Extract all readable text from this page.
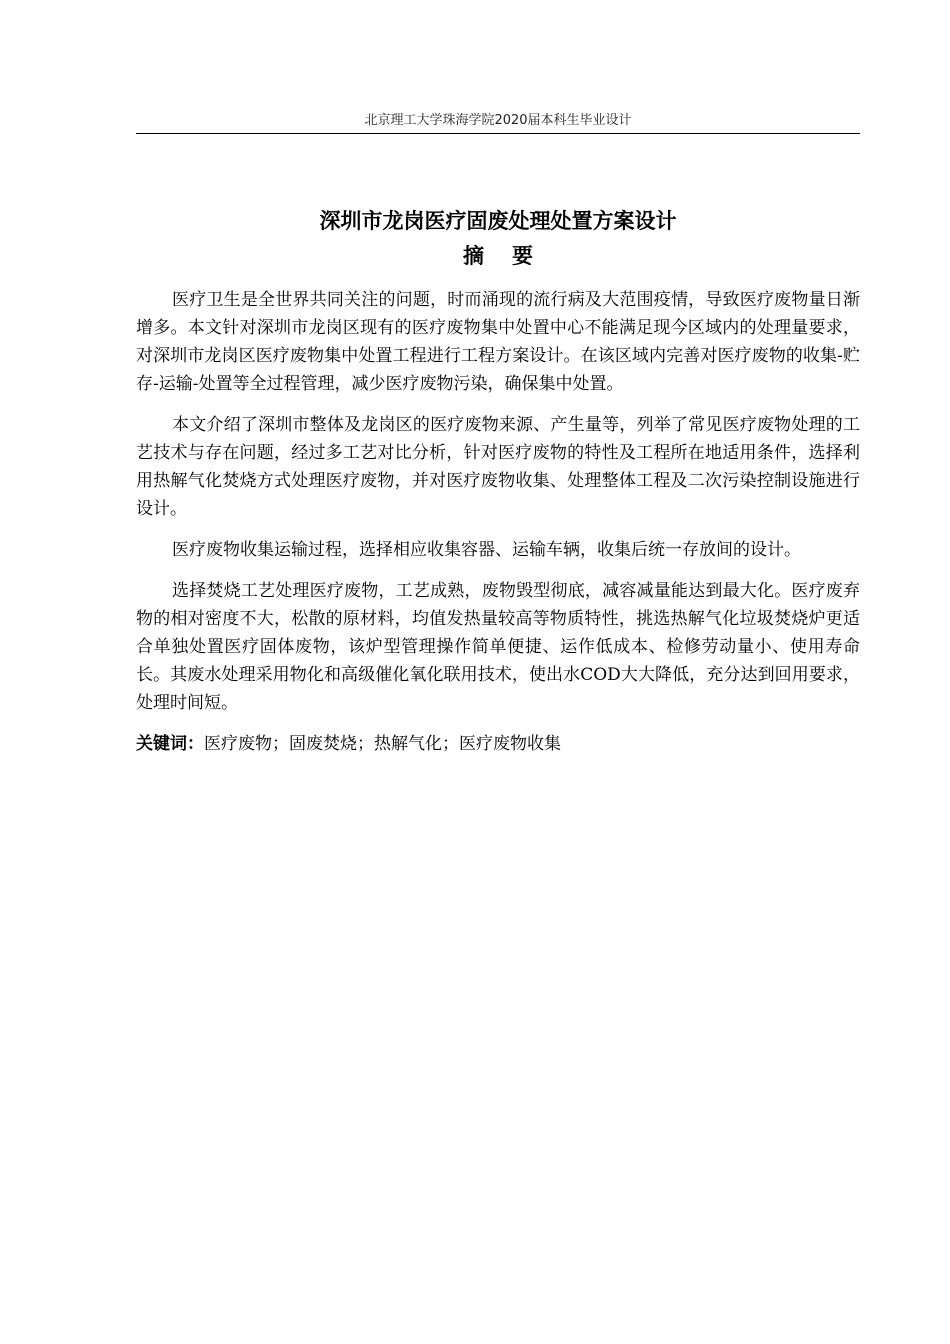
北京理工大学珠海学院2020届本科生毕业设计
深圳市龙岗医疗固废处理处置方案设计
摘要

医疗卫生是全世界共同关注的问题，时而涌现的流行病及大范围疫情，导致医疗废物量日渐增多。本文针对深圳市龙岗区现有的医疗废物集中处置中心不能满足现今区域内的处理量要求，对深圳市龙岗区医疗废物集中处置工程进行工程方案设计。在该区域内完善对医疗废物的收集-贮存-运输-处置等全过程管理，减少医疗废物污染，确保集中处置。

本文介绍了深圳市整体及龙岗区的医疗废物来源、产生量等，列举了常见医疗废物处理的工艺技术与存在问题，经过多工艺对比分析，针对医疗废物的特性及工程所在地适用条件，选择利用热解气化焚烧方式处理医疗废物，并对医疗废物收集、处理整体工程及二次污染控制设施进行设计。

医疗废物收集运输过程，选择相应收集容器、运输车辆，收集后统一存放间的设计。

选择焚烧工艺处理医疗废物，工艺成熟，废物毁型彻底，减容减量能达到最大化。医疗废弃物的相对密度不大，松散的原材料，均值发热量较高等物质特性，挑选热解气化垃圾焚烧炉更适合单独处置医疗固体废物，该炉型管理操作简单便捷、运作低成本、检修劳动量小、使用寿命长。其废水处理采用物化和高级催化氧化联用技术，使出水COD大大降低，充分达到回用要求，处理时间短。

关键词：医疗废物；固废焚烧；热解气化；医疗废物收集
